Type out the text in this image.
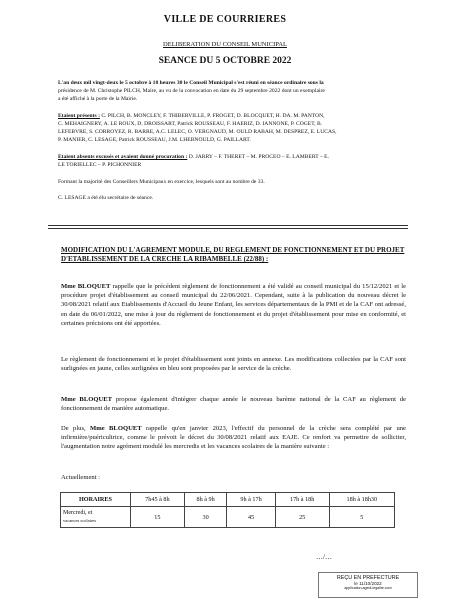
VILLE DE COURRIERES
DELIBERATION DU CONSEIL MUNICIPAL
SEANCE DU 5 OCTOBRE 2022
L'an deux mil vingt-deux le 5 octobre à 18 heures 30 le Conseil Municipal s'est réuni en séance ordinaire sous la
présidence de M. Christophe PILCH, Maire, au vu de la convocation en date du 29 septembre 2022 dont un exemplaire
a été affiché à la porte de la Mairie.
Etaient présents : C. PILCH, B. MONCLEY, F. THIBERVILLE, P. FROGET, D. BLOCQUET, H. DA. M. PANTON,
C. MEHAIGNERY, A. LE ROUX, D. DROISSART, Patrick ROUSSEAU, F. HAERIZ, D. IANNONE, P. COGET, B.
LEFEBVRE, S. CORROYEZ, R. BARRE, A.C. LELEC, O. VERGNAUD, M. OULD RABAH, M. DESPREZ, E. LUCAS,
P. MANIER, C. LESAGE, Patrick ROUSSEAU, J.M. LHEBNOULD, G. PAILLART.
Etaient absents excusés et avaient donné procuration : D. JARRY – F. THERET – M. PROCEO – E. LAMBERT – E.
LE TORIELLEC – P. PICHONNIER
Formant la majorité des Conseillers Municipaux en exercice, lesquels sont au nombre de 33.
C. LESAGE a été élu secrétaire de séance.
MODIFICATION DU L'AGREMENT MODULE, DU REGLEMENT DE FONCTIONNEMENT ET DU PROJET D'ETABLISSEMENT DE LA CRECHE LA RIBAMBELLE (22/88) :
Mme BLOQUET rappelle que le précédent règlement de fonctionnement a été validé au conseil municipal du 15/12/2021 et le procédure projet d'établissement au conseil municipal du 22/06/2021. Cependant, suite à la publication du nouveau décret le 30/08/2021 relatif aux Etablissements d'Accueil du Jeune Enfant, les services départementaux de la PMI et de la CAF ont adressé, en date du 06/01/2022, une mise à jour du règlement de fonctionnement et du projet d'établissement pour mise en conformité, et certaines précisions ont été apportées.
Le règlement de fonctionnement et le projet d'établissement sont joints en annexe. Les modifications collectées par la CAF sont surlignées en jaune, celles surlignées en bleu sont proposées par le service de la crèche.
Mme BLOQUET propose également d'intégrer chaque année le nouveau barème national de la CAF au règlement de fonctionnement de manière automatique.
De plus, Mme BLOQUET rappelle qu'en janvier 2023, l'effectif du personnel de la crèche sera complété par une infirmière/puéricultrice, comme le prévoit le décret du 30/08/2021 relatif aux EAJE. Ce renfort va permettre de solliciter, l'augmentation notre agrément modulé les mercredis et les vacances scolaires de la manière suivante :
Actuellement :
HORAIRES	7h45 à 8h	8h à 9h	9h à 17h	17h à 18h	18h à 18h30
Mercredi, et
vacances scolaires	15	30	45	25	5
…/…
REÇU EN PREFECTURE
le 11/10/2022
application.agedi-legalite.com
